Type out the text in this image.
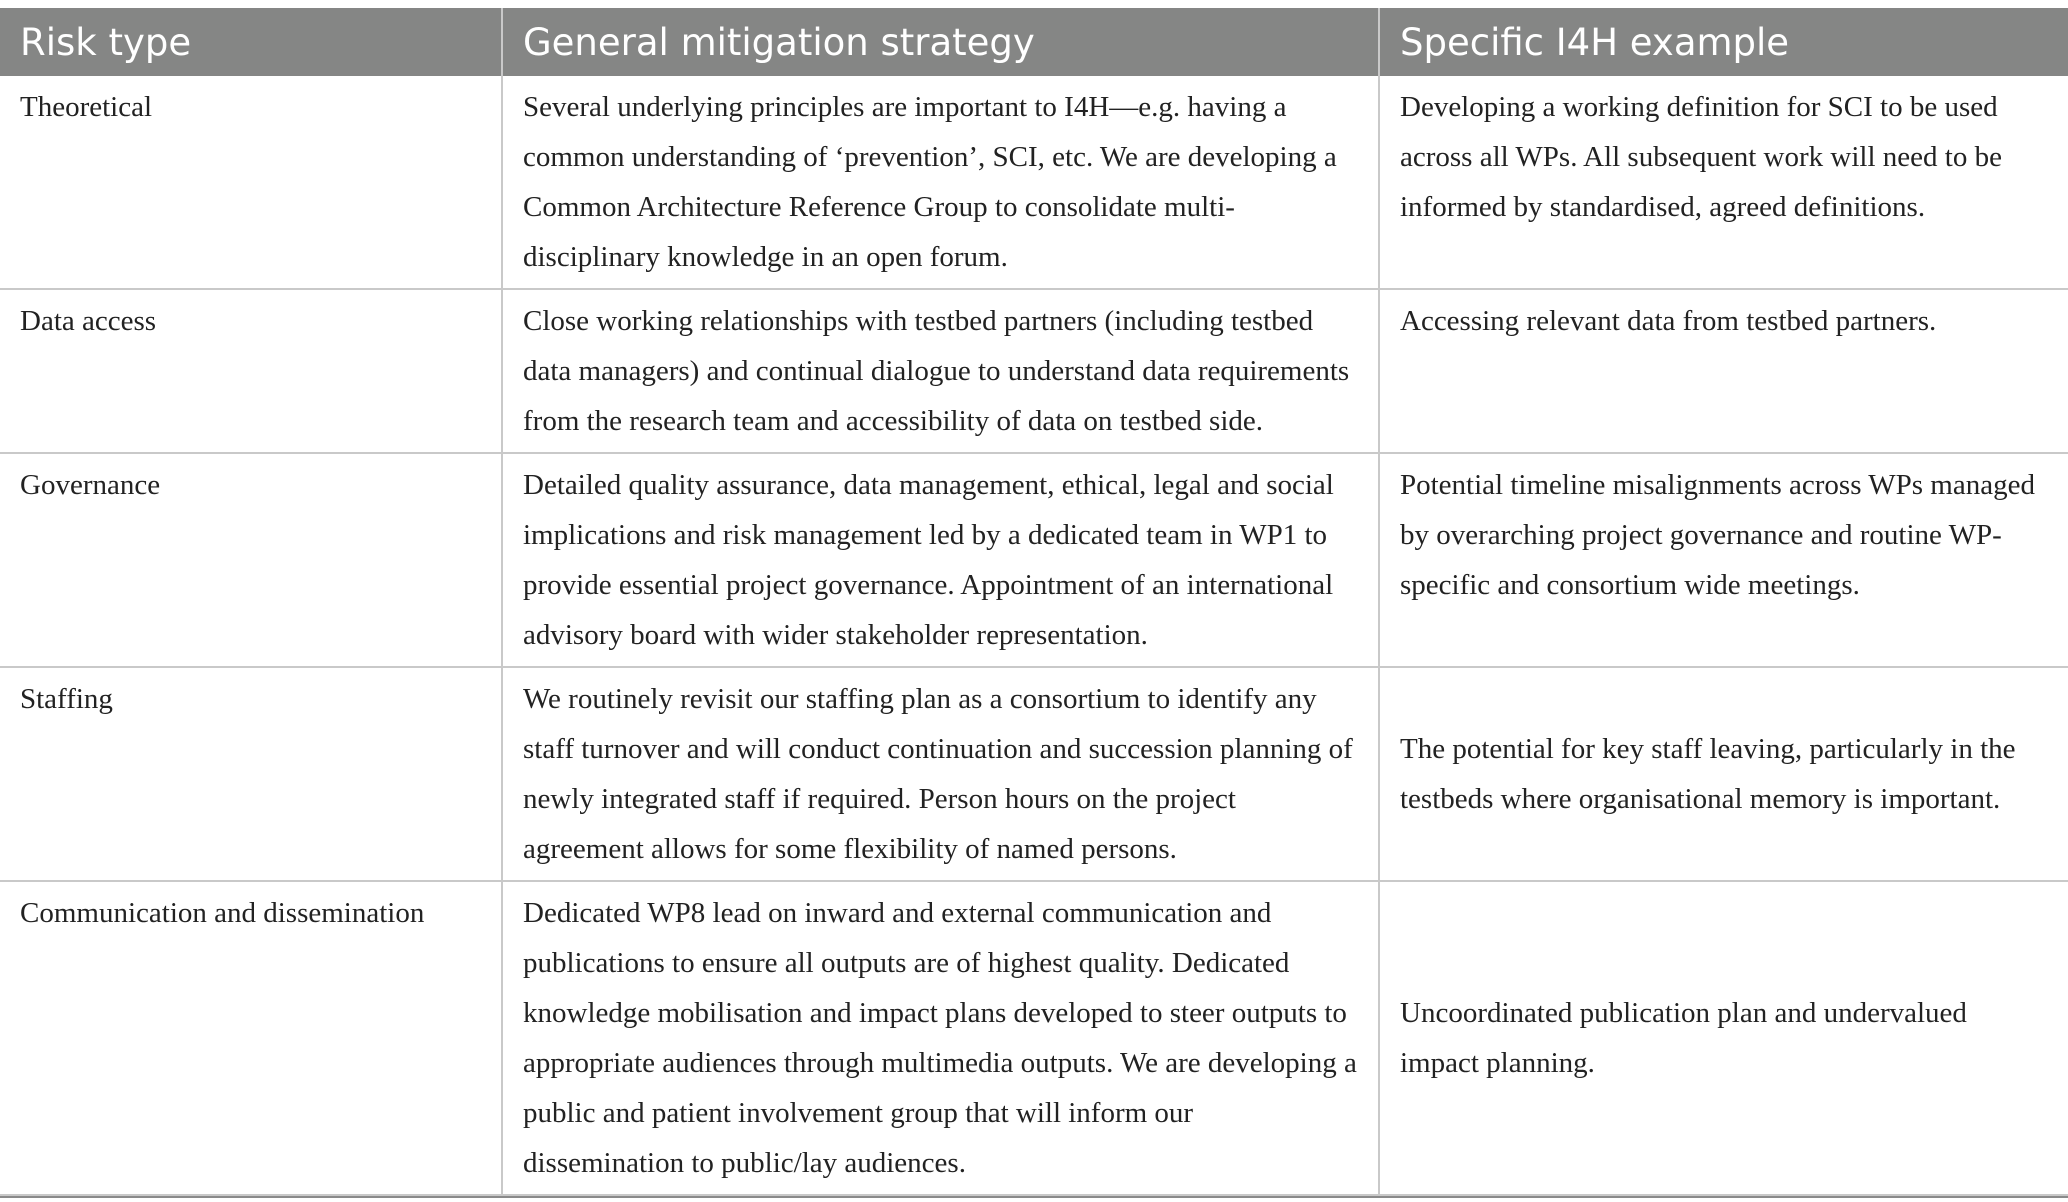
Risk type	General mitigation strategy	Specific I4H example
Theoretical	Several underlying principles are important to I4H—e.g. having a common understanding of ‘prevention’, SCI, etc. We are developing a Common Architecture Reference Group to consolidate multi-disciplinary knowledge in an open forum.	Developing a working definition for SCI to be used across all WPs. All subsequent work will need to be informed by standardised, agreed definitions.
Data access	Close working relationships with testbed partners (including testbed data managers) and continual dialogue to understand data requirements from the research team and accessibility of data on testbed side.	Accessing relevant data from testbed partners.
Governance	Detailed quality assurance, data management, ethical, legal and social implications and risk management led by a dedicated team in WP1 to provide essential project governance. Appointment of an international advisory board with wider stakeholder representation.	Potential timeline misalignments across WPs managed by overarching project governance and routine WP-specific and consortium wide meetings.
Staffing	We routinely revisit our staffing plan as a consortium to identify any staff turnover and will conduct continuation and succession planning of newly integrated staff if required. Person hours on the project agreement allows for some flexibility of named persons.	The potential for key staff leaving, particularly in the testbeds where organisational memory is important.
Communication and dissemination	Dedicated WP8 lead on inward and external communication and publications to ensure all outputs are of highest quality. Dedicated knowledge mobilisation and impact plans developed to steer outputs to appropriate audiences through multimedia outputs. We are developing a public and patient involvement group that will inform our dissemination to public/lay audiences.	Uncoordinated publication plan and undervalued impact planning.
